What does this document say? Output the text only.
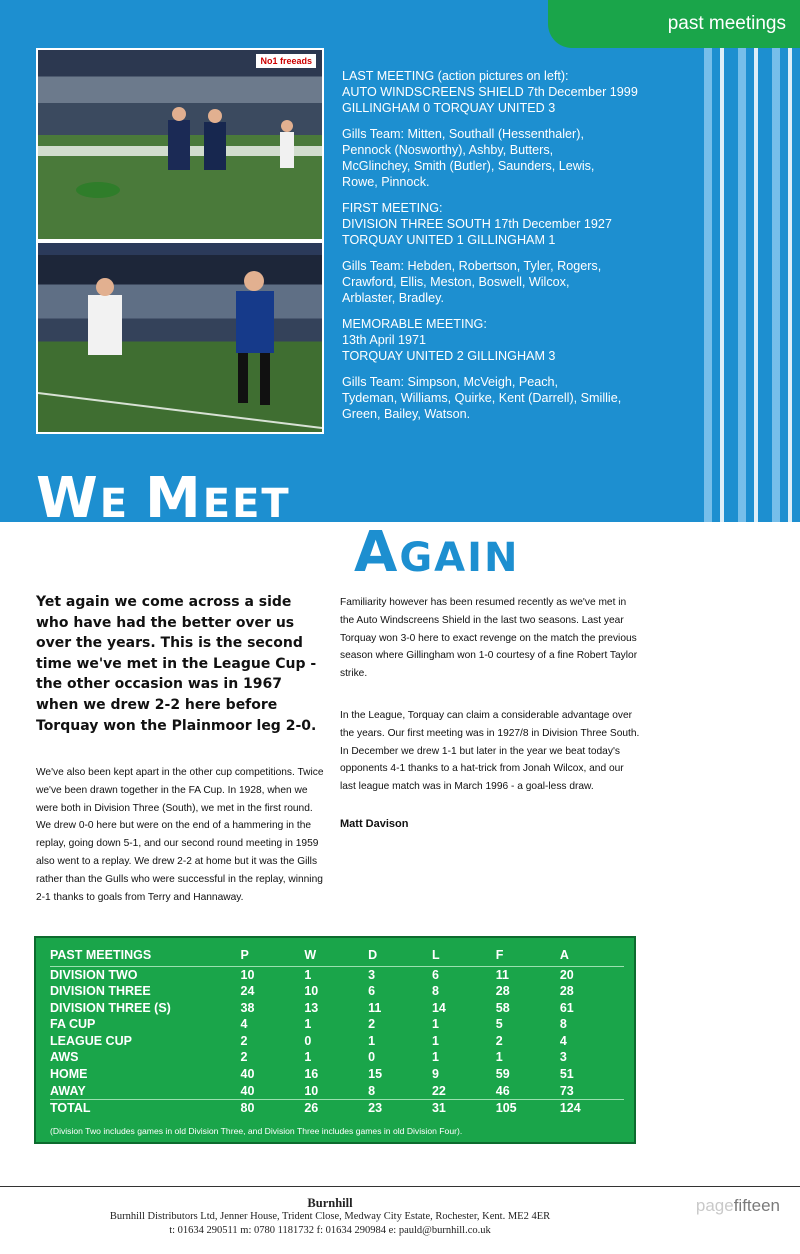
past meetings
No1 freeads

LAST MEETING (action pictures on left):
AUTO WINDSCREENS SHIELD 7th December 1999
GILLINGHAM 0 TORQUAY UNITED 3

Gills Team: Mitten, Southall (Hessenthaler),
Pennock (Nosworthy), Ashby, Butters,
McGlinchey, Smith (Butler), Saunders, Lewis,
Rowe, Pinnock.

FIRST MEETING:
DIVISION THREE SOUTH 17th December 1927
TORQUAY UNITED 1 GILLINGHAM 1

Gills Team: Hebden, Robertson, Tyler, Rogers,
Crawford, Ellis, Meston, Boswell, Wilcox,
Arblaster, Bradley.

MEMORABLE MEETING:
13th April 1971
TORQUAY UNITED 2 GILLINGHAM 3

Gills Team: Simpson, McVeigh, Peach,
Tydeman, Williams, Quirke, Kent (Darrell), Smillie,
Green, Bailey, Watson.

WE MEET
AGAIN
Yet again we come across a side who have had the better over us over the years. This is the second time we've met in the League Cup - the other occasion was in 1967 when we drew 2-2 here before Torquay won the Plainmoor leg 2-0.
We've also been kept apart in the other cup competitions. Twice we've been drawn together in the FA Cup. In 1928, when we were both in Division Three (South), we met in the first round. We drew 0-0 here but were on the end of a hammering in the replay, going down 5-1, and our second round meeting in 1959 also went to a replay. We drew 2-2 at home but it was the Gills rather than the Gulls who were successful in the replay, winning 2-1 thanks to goals from Terry and Hannaway.

Familiarity however has been resumed recently as we've met in the Auto Windscreens Shield in the last two seasons. Last year Torquay won 3-0 here to exact revenge on the match the previous season where Gillingham won 1-0 courtesy of a fine Robert Taylor strike.

In the League, Torquay can claim a considerable advantage over the years. Our first meeting was in 1927/8 in Division Three South. In December we drew 1-1 but later in the year we beat today's opponents 4-1 thanks to a hat-trick from Jonah Wilcox, and our last league match was in March 1996 - a goal-less draw.

Matt Davison
PAST MEETINGS	P	W	D	L	F	A
DIVISION TWO	10	1	3	6	11	20
DIVISION THREE	24	10	6	8	28	28
DIVISION THREE (S)	38	13	11	14	58	61
FA CUP	4	1	2	1	5	8
LEAGUE CUP	2	0	1	1	2	4
AWS	2	1	0	1	1	3
HOME	40	16	15	9	59	51
AWAY	40	10	8	22	46	73
TOTAL	80	26	23	31	105	124
(Division Two includes games in old Division Three, and Division Three includes games in old Division Four).
Burnhill
Burnhill Distributors Ltd, Jenner House, Trident Close, Medway City Estate, Rochester, Kent. ME2 4ER
t: 01634 290511 m: 0780 1181732 f: 01634 290984 e: pauld@burnhill.co.uk
pagefifteen
